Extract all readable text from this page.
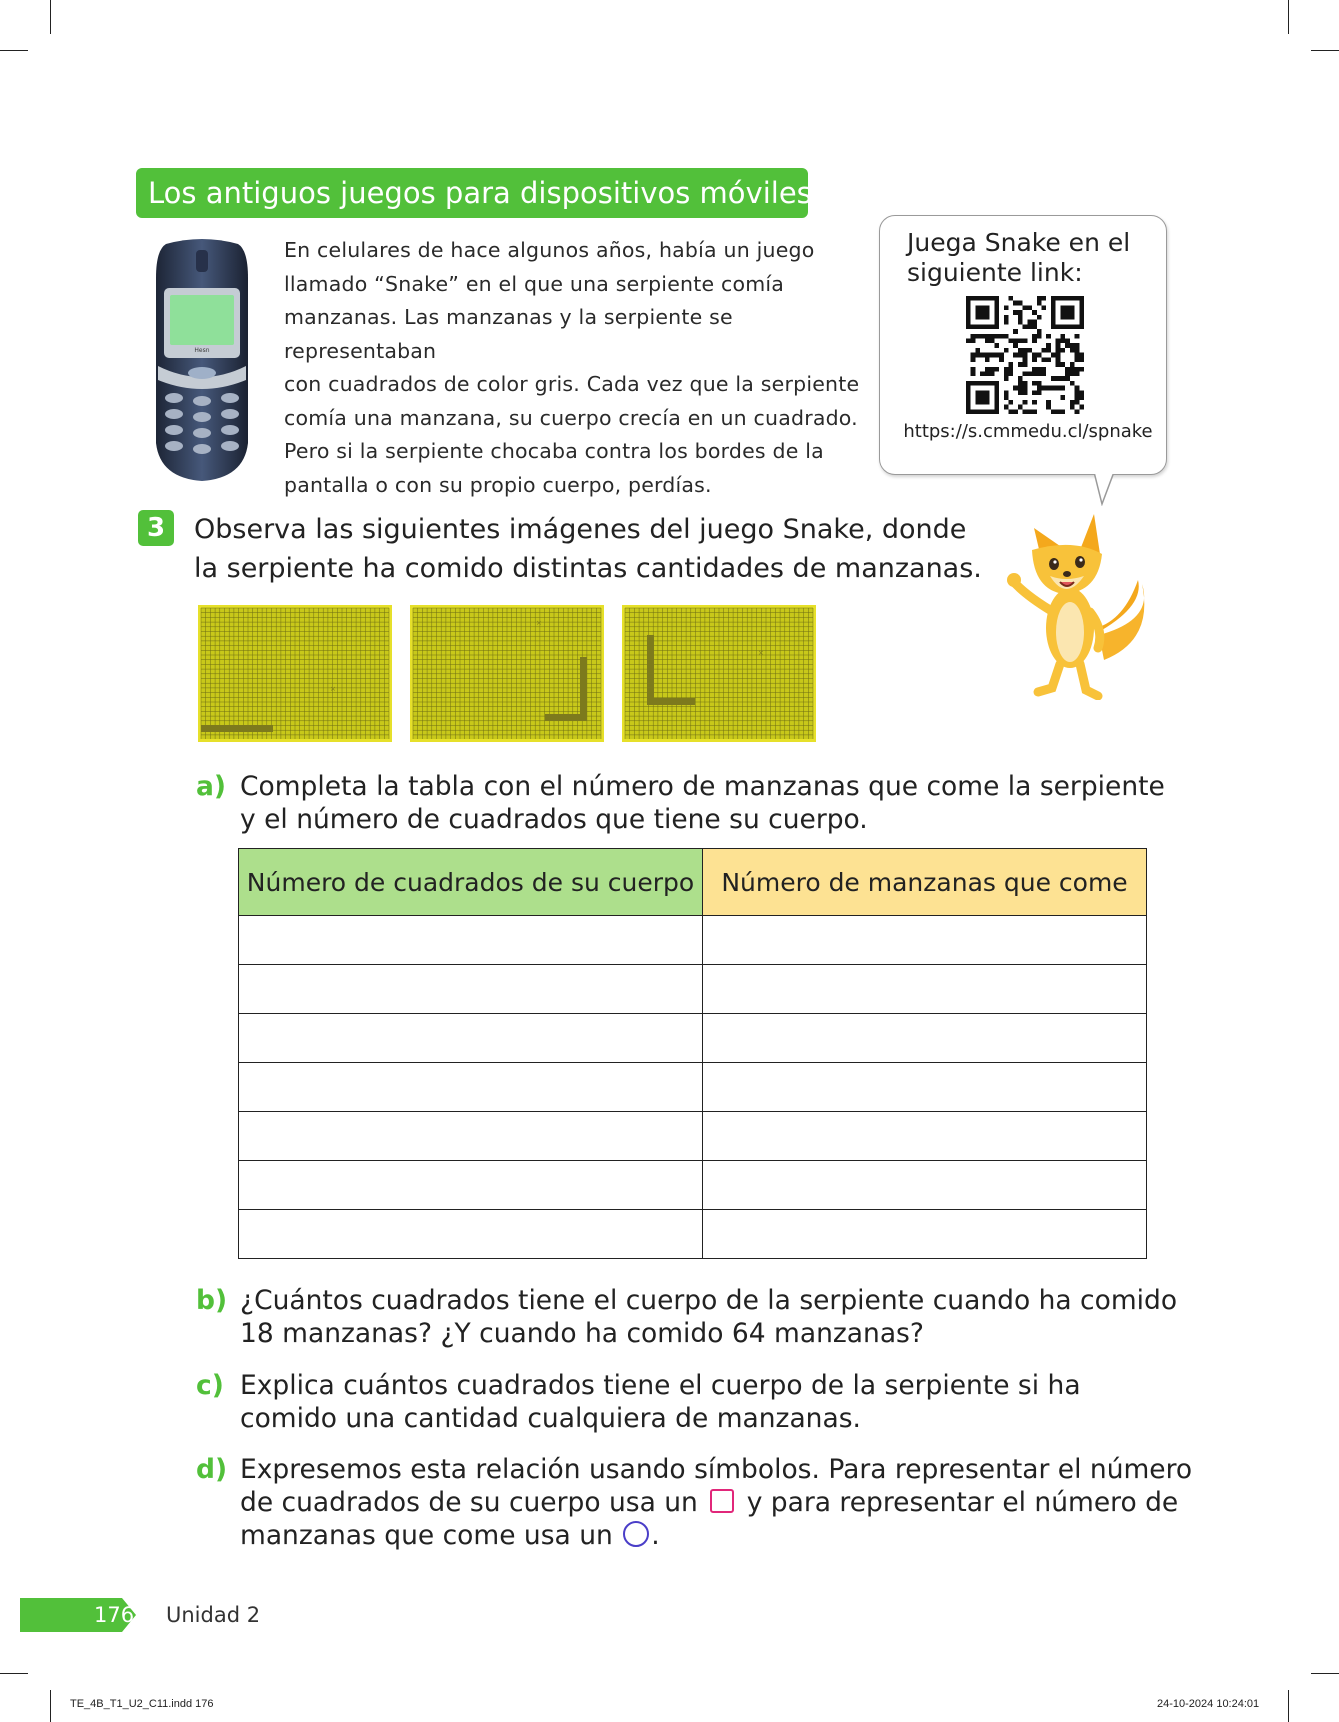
Los antiguos juegos para dispositivos móviles
Hesn
En celulares de hace algunos años, había un juego
llamado “Snake” en el que una serpiente comía
manzanas. Las manzanas y la serpiente se representaban
con cuadrados de color gris. Cada vez que la serpiente
comía una manzana, su cuerpo crecía en un cuadrado.
Pero si la serpiente chocaba contra los bordes de la
pantalla o con su propio cuerpo, perdías.
Juega Snake en el
siguiente link:
https://s.cmmedu.cl/spnake
3	Observa las siguientes imágenes del juego Snake, donde
la serpiente ha comido distintas cantidades de manzanas.
×
×
×
a) Completa la tabla con el número de manzanas que come la serpiente
y el número de cuadrados que tiene su cuerpo.
Número de cuadrados de su cuerpo	Número de manzanas que come

b) ¿Cuántos cuadrados tiene el cuerpo de la serpiente cuando ha comido
18 manzanas? ¿Y cuando ha comido 64 manzanas?
c) Explica cuántos cuadrados tiene el cuerpo de la serpiente si ha
comido una cantidad cualquiera de manzanas.
d) Expresemos esta relación usando símbolos. Para representar el número
de cuadrados de su cuerpo usa un y para representar el número de
manzanas que come usa un .
176 Unidad 2
TE_4B_T1_U2_C11.indd 176	24-10-2024 10:24:01
